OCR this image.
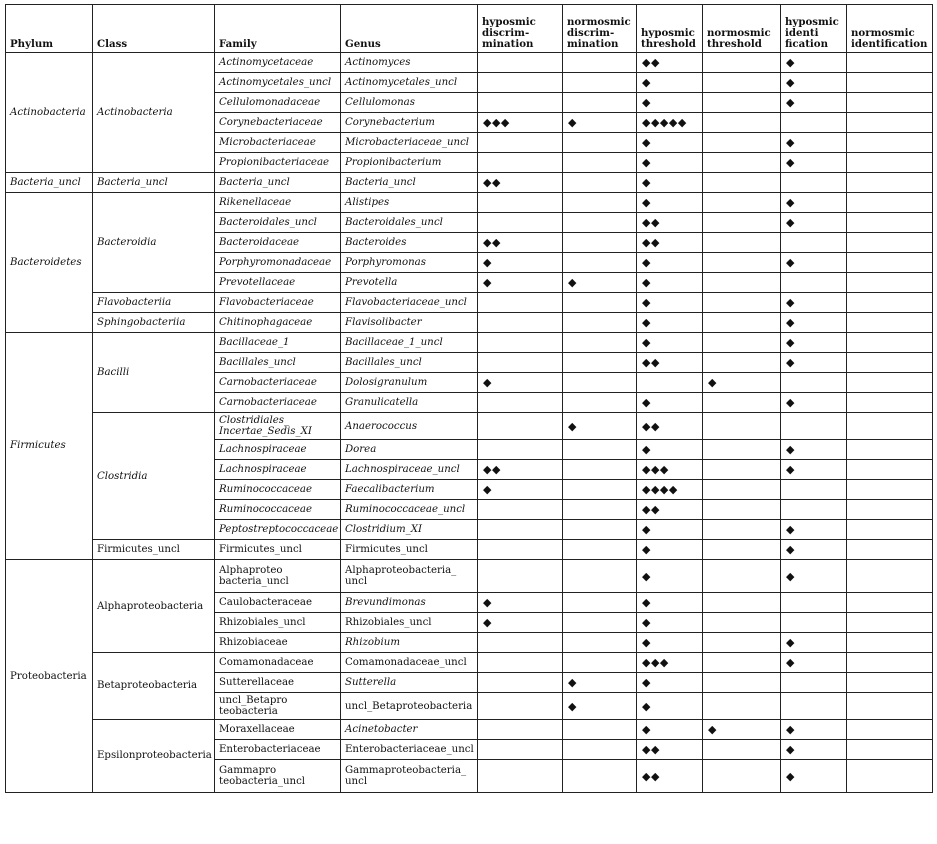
Phylum	Class	Family	Genus	hyposmic
discrim-
mination	normosmic
discrim-
mination	hyposmic
threshold	normosmic
threshold	hyposmic
identi
fication	normosmic
identification
Actinobacteria	Actinobacteria	Actinomycetaceae	Actinomyces			◆◆		◆	
		Actinomycetales_uncl	Actinomycetales_uncl			◆		◆	
		Cellulomonadaceae	Cellulomonas			◆		◆	
		Corynebacteriaceae	Corynebacterium	◆◆◆	◆	◆◆◆◆◆			
		Microbacteriaceae	Microbacteriaceae_uncl			◆		◆	
		Propionibacteriaceae	Propionibacterium			◆		◆	
Bacteria_uncl	Bacteria_uncl	Bacteria_uncl	Bacteria_uncl	◆◆		◆			
Bacteroidetes	Bacteroidia	Rikenellaceae	Alistipes			◆		◆	
		Bacteroidales_uncl	Bacteroidales_uncl			◆◆		◆	
		Bacteroidaceae	Bacteroides	◆◆		◆◆			
		Porphyromonadaceae	Porphyromonas	◆		◆		◆	
		Prevotellaceae	Prevotella	◆	◆	◆			
	Flavobacteriia	Flavobacteriaceae	Flavobacteriaceae_uncl			◆		◆	
	Sphingobacteriia	Chitinophagaceae	Flavisolibacter			◆		◆	
Firmicutes	Bacilli	Bacillaceae_1	Bacillaceae_1_uncl			◆		◆	
		Bacillales_uncl	Bacillales_uncl			◆◆		◆	
		Carnobacteriaceae	Dolosigranulum	◆			◆		
		Carnobacteriaceae	Granulicatella			◆		◆	
	Clostridia	Clostridiales_
Incertae_Sedis_XI	Anaerococcus		◆	◆◆			
		Lachnospiraceae	Dorea			◆		◆	
		Lachnospiraceae	Lachnospiraceae_uncl	◆◆		◆◆◆		◆	
		Ruminococcaceae	Faecalibacterium	◆		◆◆◆◆			
		Ruminococcaceae	Ruminococcaceae_uncl			◆◆			
		Peptostreptococcaceae	Clostridium_XI			◆		◆	
	Firmicutes_uncl	Firmicutes_uncl	Firmicutes_uncl			◆		◆	
Proteobacteria	Alphaproteobacteria	Alphaproteo
bacteria_uncl	Alphaproteobacteria_
uncl			◆		◆	
		Caulobacteraceae	Brevundimonas	◆		◆			
		Rhizobiales_uncl	Rhizobiales_uncl	◆		◆			
		Rhizobiaceae	Rhizobium			◆		◆	
	Betaproteobacteria	Comamonadaceae	Comamonadaceae_uncl			◆◆◆		◆	
		Sutterellaceae	Sutterella		◆	◆			
		uncl_Betapro
teobacteria	uncl_Betaproteobacteria		◆	◆			
	Epsilonproteobacteria	Moraxellaceae	Acinetobacter			◆	◆	◆	
		Enterobacteriaceae	Enterobacteriaceae_uncl			◆◆		◆	
		Gammapro
teobacteria_uncl	Gammaproteobacteria_
uncl			◆◆		◆	
